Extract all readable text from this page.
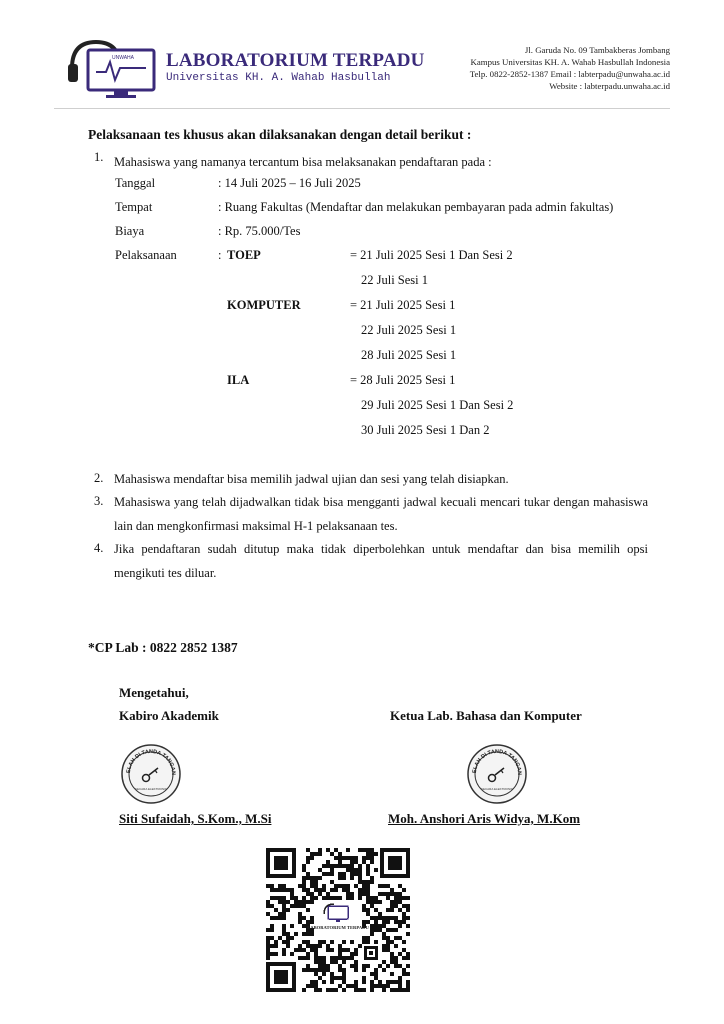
UNWAHA LABORATORIUM TERPADU
Universitas KH. A. Wahab Hasbullah
Jl. Garuda No. 09 Tambakberas Jombang
Kampus Universitas KH. A. Wahab Hasbullah Indonesia
Telp. 0822-2852-1387 Email : labterpadu@unwaha.ac.id
Website : labterpadu.unwaha.ac.id
Pelaksanaan tes khusus akan dilaksanakan dengan detail berikut :
1. Mahasiswa yang namanya tercantum bisa melaksanakan pendaftaran pada :
Tanggal	: 14 Juli 2025 – 16 Juli 2025
Tempat	: Ruang Fakultas (Mendaftar dan melakukan pembayaran pada admin fakultas)
Biaya	: Rp. 75.000/Tes
Pelaksanaan	: TOEP	= 21 Juli 2025 Sesi 1 Dan Sesi 2
22 Juli Sesi 1
KOMPUTER	= 21 Juli 2025 Sesi 1
22 Juli 2025 Sesi 1
28 Juli 2025 Sesi 1
ILA	= 28 Juli 2025 Sesi 1
29 Juli 2025 Sesi 1 Dan Sesi 2
30 Juli 2025 Sesi 1 Dan 2
2. Mahasiswa mendaftar bisa memilih jadwal ujian dan sesi yang telah disiapkan.
3. Mahasiswa yang telah dijadwalkan tidak bisa mengganti jadwal kecuali mencari tukar dengan mahasiswa lain dan mengkonfirmasi maksimal H-1 pelaksanaan tes.
4. Jika pendaftaran sudah ditutup maka tidak diperbolehkan untuk mendaftar dan bisa memilih opsi mengikuti tes diluar.
*CP Lab : 0822 2852 1387
Mengetahui,
Kabiro Akademik	Ketua Lab. Bahasa dan Komputer
ELAH DI TANDA TANGAN
SECARA ELEKTRONIK
ELAH DI TANDA TANGAN
SECARA ELEKTRONIK
Siti Sufaidah, S.Kom., M.Si	Moh. Anshori Aris Widya, M.Kom
LABORATORIUM TERPADU
